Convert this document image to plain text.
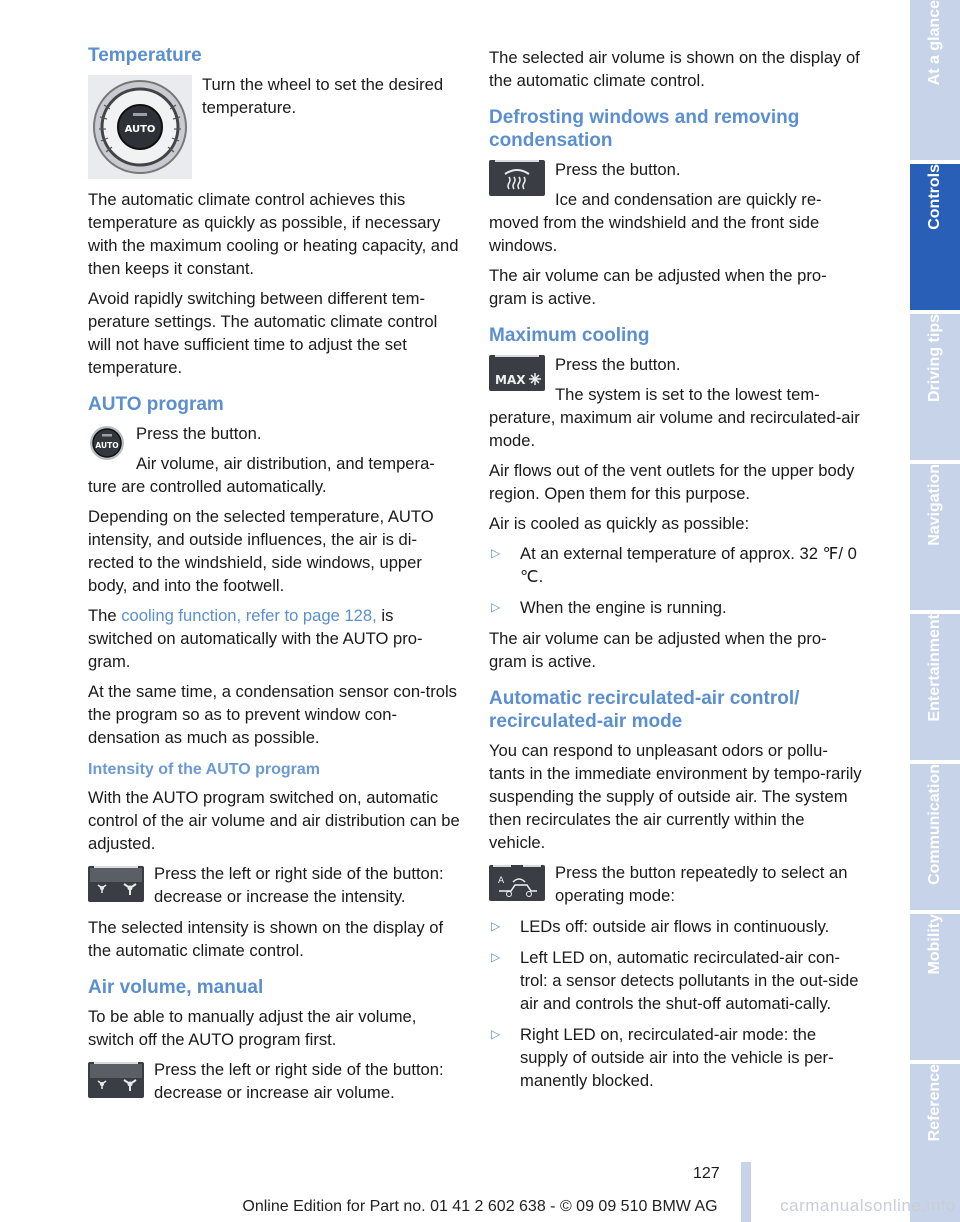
Temperature
AUTO

Turn the wheel to set the desired temperature.

The automatic climate control achieves this temperature as quickly as possible, if necessary with the maximum cooling or heating capacity, and then keeps it constant.

Avoid rapidly switching between different tem-perature settings. The automatic climate control will not have sufficient time to adjust the set temperature.

AUTO program
AUTO

Press the button.

Air volume, air distribution, and tempera-ture are controlled automatically.

Depending on the selected temperature, AUTO intensity, and outside influences, the air is di-rected to the windshield, side windows, upper body, and into the footwell.

The cooling function, refer to page 128, is switched on automatically with the AUTO pro-gram.

At the same time, a condensation sensor con-trols the program so as to prevent window con-densation as much as possible.

Intensity of the AUTO program

With the AUTO program switched on, automatic control of the air volume and air distribution can be adjusted.

Press the left or right side of the button: decrease or increase the intensity.

The selected intensity is shown on the display of the automatic climate control.

Air volume, manual

To be able to manually adjust the air volume, switch off the AUTO program first.

Press the left or right side of the button: decrease or increase air volume.

The selected air volume is shown on the display of the automatic climate control.

Defrosting windows and removing condensation

Press the button.

Ice and condensation are quickly re-moved from the windshield and the front side windows.

The air volume can be adjusted when the pro-gram is active.

Maximum cooling
MAX

Press the button.

The system is set to the lowest tem-perature, maximum air volume and recirculated-air mode.

Air flows out of the vent outlets for the upper body region. Open them for this purpose.

Air is cooled as quickly as possible:

▷ At an external temperature of approx. 32 ℉/ 0 ℃.
▷ When the engine is running.

The air volume can be adjusted when the pro-gram is active.

Automatic recirculated-air control/ recirculated-air mode

You can respond to unpleasant odors or pollu-tants in the immediate environment by tempo-rarily suspending the supply of outside air. The system then recirculates the air currently within the vehicle.

A	Press the button repeatedly to select an operating mode:

▷ LEDs off: outside air flows in continuously.
▷ Left LED on, automatic recirculated-air con-trol: a sensor detects pollutants in the out-side air and controls the shut-off automati-cally.
▷ Right LED on, recirculated-air mode: the supply of outside air into the vehicle is per-manently blocked.
At a glance
Controls
Driving tips
Navigation
Entertainment
Communication
Mobility
Reference
127
Online Edition for Part no. 01 41 2 602 638 - © 09 09 510 BMW AG	carmanualsonline.info
